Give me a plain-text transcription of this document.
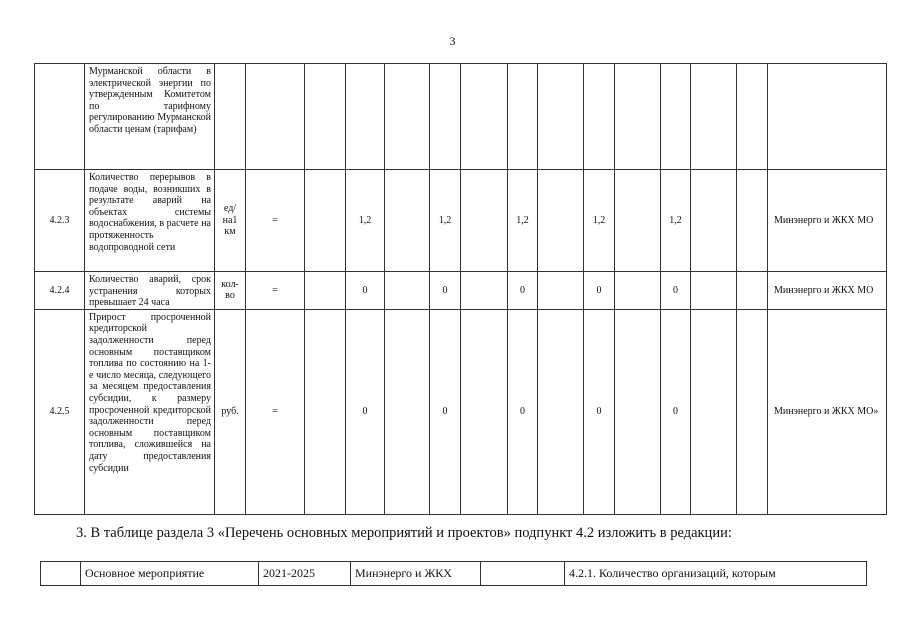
3
	Мурманской области в электрической энергии по утвержденным Комитетом по тарифному регулированию Мурманской области ценам (тарифам)															
4.2.3	Количество перерывов в подаче воды, возникших в результате аварий на объектах системы водоснабжения, в расчете на протяженность водопроводной сети	ед/на1 км	=		1,2		1,2		1,2		1,2		1,2			Минэнерго и ЖКХ МО
4.2.4	Количество аварий, срок устранения которых превышает 24 часа	кол-во	=		0		0		0		0		0			Минэнерго и ЖКХ МО
4.2.5	Прирост просроченной кредиторской задолженности перед основным поставщиком топлива по состоянию на 1-е число месяца, следующего за месяцем предоставления субсидии, к размеру просроченной кредиторской задолженности перед основным поставщиком топлива, сложившейся на дату предоставления субсидии	руб.	=		0		0		0		0		0			Минэнерго и ЖКХ МО»
3. В таблице раздела 3 «Перечень основных мероприятий и проектов» подпункт 4.2 изложить в редакции:
	Основное мероприятие	2021-2025	Минэнерго и ЖКХ		4.2.1. Количество организаций, которым
